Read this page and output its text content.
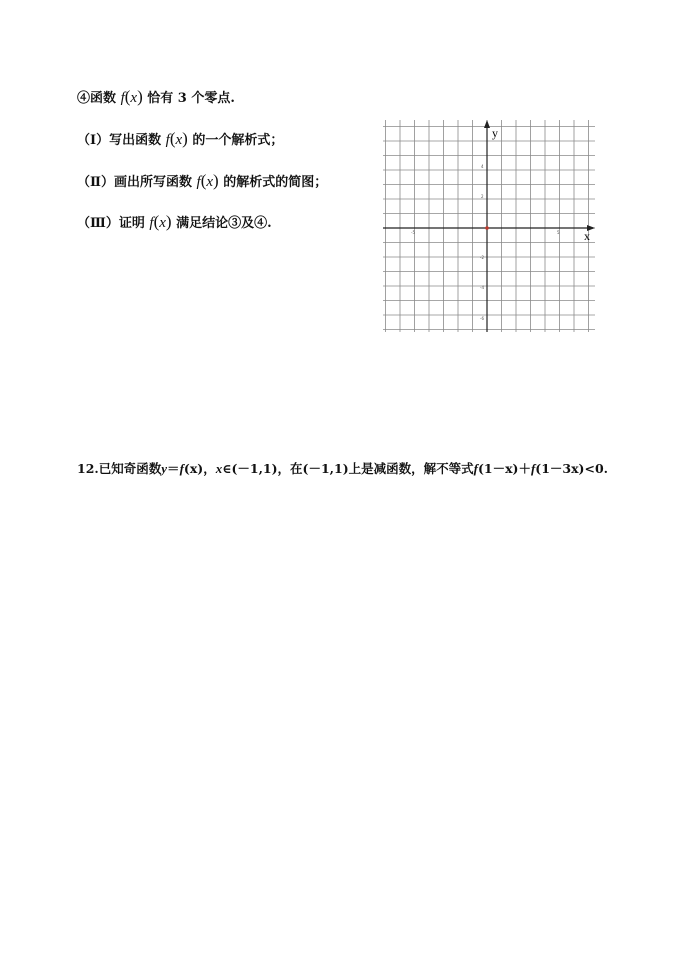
④函数 f(x) 恰有 3 个零点.
（Ⅰ）写出函数 f(x) 的一个解析式；
（Ⅱ）画出所写函数 f(x) 的解析式的简图；
（Ⅲ）证明 f(x) 满足结论③及④.
x
y
-5	5
4
2
-2
-4
-6
12.已知奇函数y＝f(x)，x∈(－1,1)，在(－1,1)上是减函数，解不等式f(1－x)＋f(1－3x)<0.
